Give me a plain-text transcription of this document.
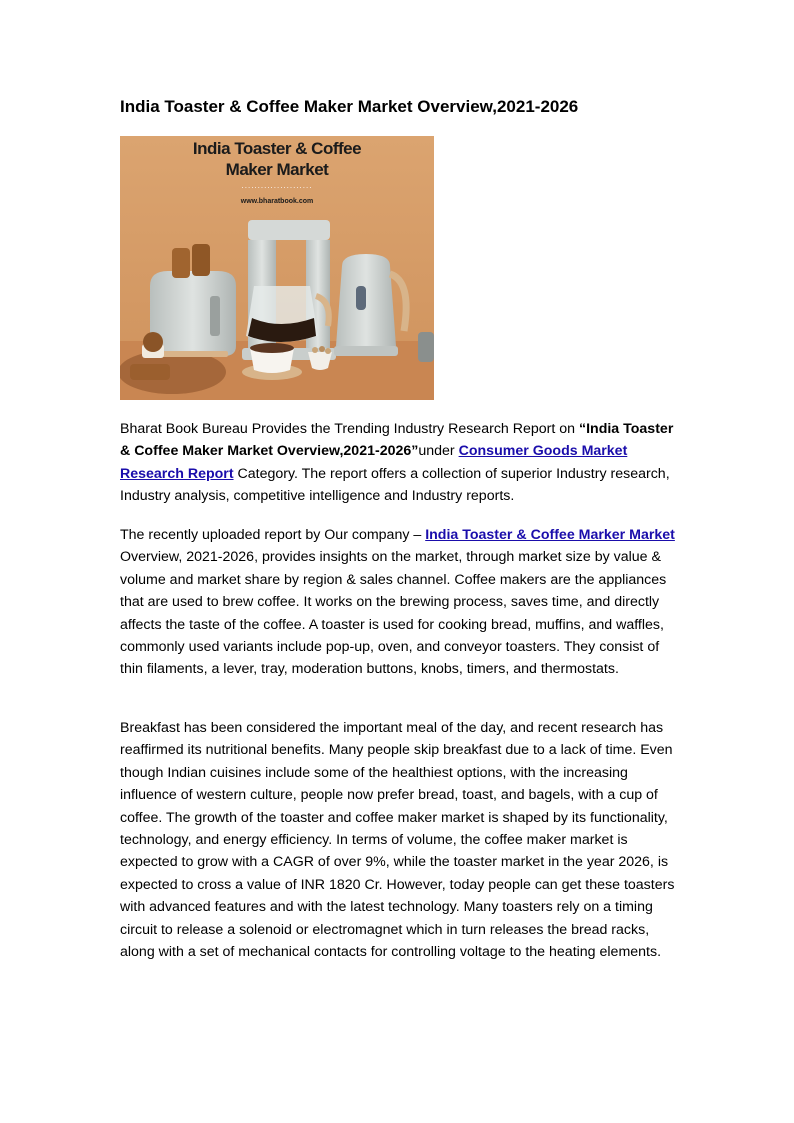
India Toaster & Coffee Maker Market Overview,2021-2026
India Toaster & Coffee
Maker Market
......................
www.bharatbook.com

Bharat Book Bureau Provides the Trending Industry Research Report on “India Toaster & Coffee Maker Market Overview,2021-2026”under Consumer Goods Market Research Report Category. The report offers a collection of superior Industry research, Industry analysis, competitive intelligence and Industry reports.

The recently uploaded report by Our company – India Toaster & Coffee Marker Market Overview, 2021-2026, provides insights on the market, through market size by value & volume and market share by region & sales channel. Coffee makers are the appliances that are used to brew coffee. It works on the brewing process, saves time, and directly affects the taste of the coffee. A toaster is used for cooking bread, muffins, and waffles, commonly used variants include pop-up, oven, and conveyor toasters. They consist of thin filaments, a lever, tray, moderation buttons, knobs, timers, and thermostats.

Breakfast has been considered the important meal of the day, and recent research has reaffirmed its nutritional benefits. Many people skip breakfast due to a lack of time. Even though Indian cuisines include some of the healthiest options, with the increasing influence of western culture, people now prefer bread, toast, and bagels, with a cup of coffee. The growth of the toaster and coffee maker market is shaped by its functionality, technology, and energy efficiency. In terms of volume, the coffee maker market is expected to grow with a CAGR of over 9%, while the toaster market in the year 2026, is expected to cross a value of INR 1820 Cr. However, today people can get these toasters with advanced features and with the latest technology. Many toasters rely on a timing circuit to release a solenoid or electromagnet which in turn releases the bread racks, along with a set of mechanical contacts for controlling voltage to the heating elements.
